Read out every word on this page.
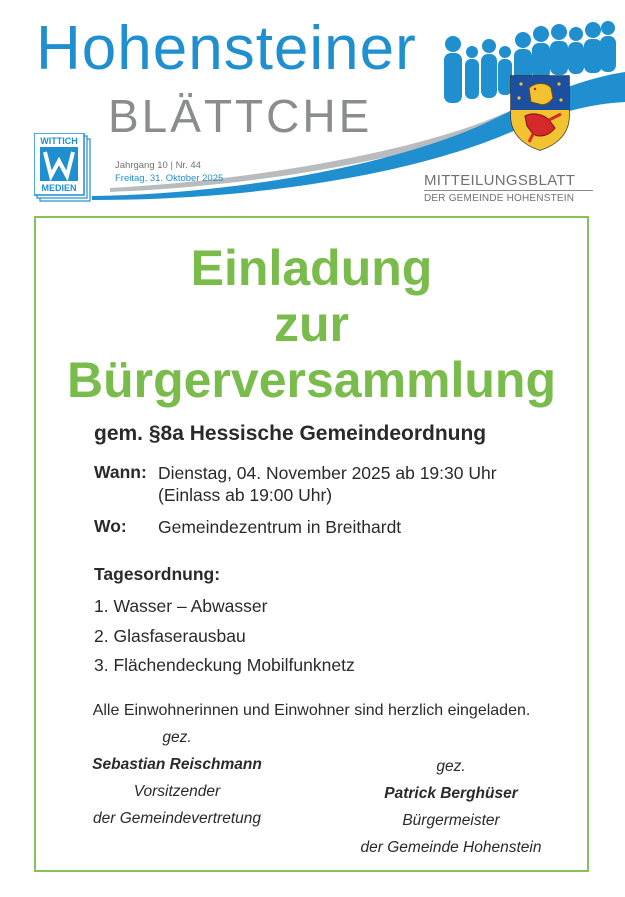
Hohensteiner
BLÄTTCHE
WITTICH
MEDIEN
Jahrgang 10 | Nr. 44
Freitag, 31. Oktober 2025	MITTEILUNGSBLATT
DER GEMEINDE HOHENSTEIN
Einladung
zur
Bürgerversammlung
gem. §8a Hessische Gemeindeordnung
Wann: Dienstag, 04. November 2025 ab 19:30 Uhr
(Einlass ab 19:00 Uhr)
Wo: Gemeindezentrum in Breithardt
Tagesordnung:
1. Wasser – Abwasser
2. Glasfaserausbau
3. Flächendeckung Mobilfunknetz
Alle Einwohnerinnen und Einwohner sind herzlich eingeladen.
gez.
Sebastian Reischmann
Vorsitzender
der Gemeindevertretung
gez.
Patrick Berghüser
Bürgermeister
der Gemeinde Hohenstein
